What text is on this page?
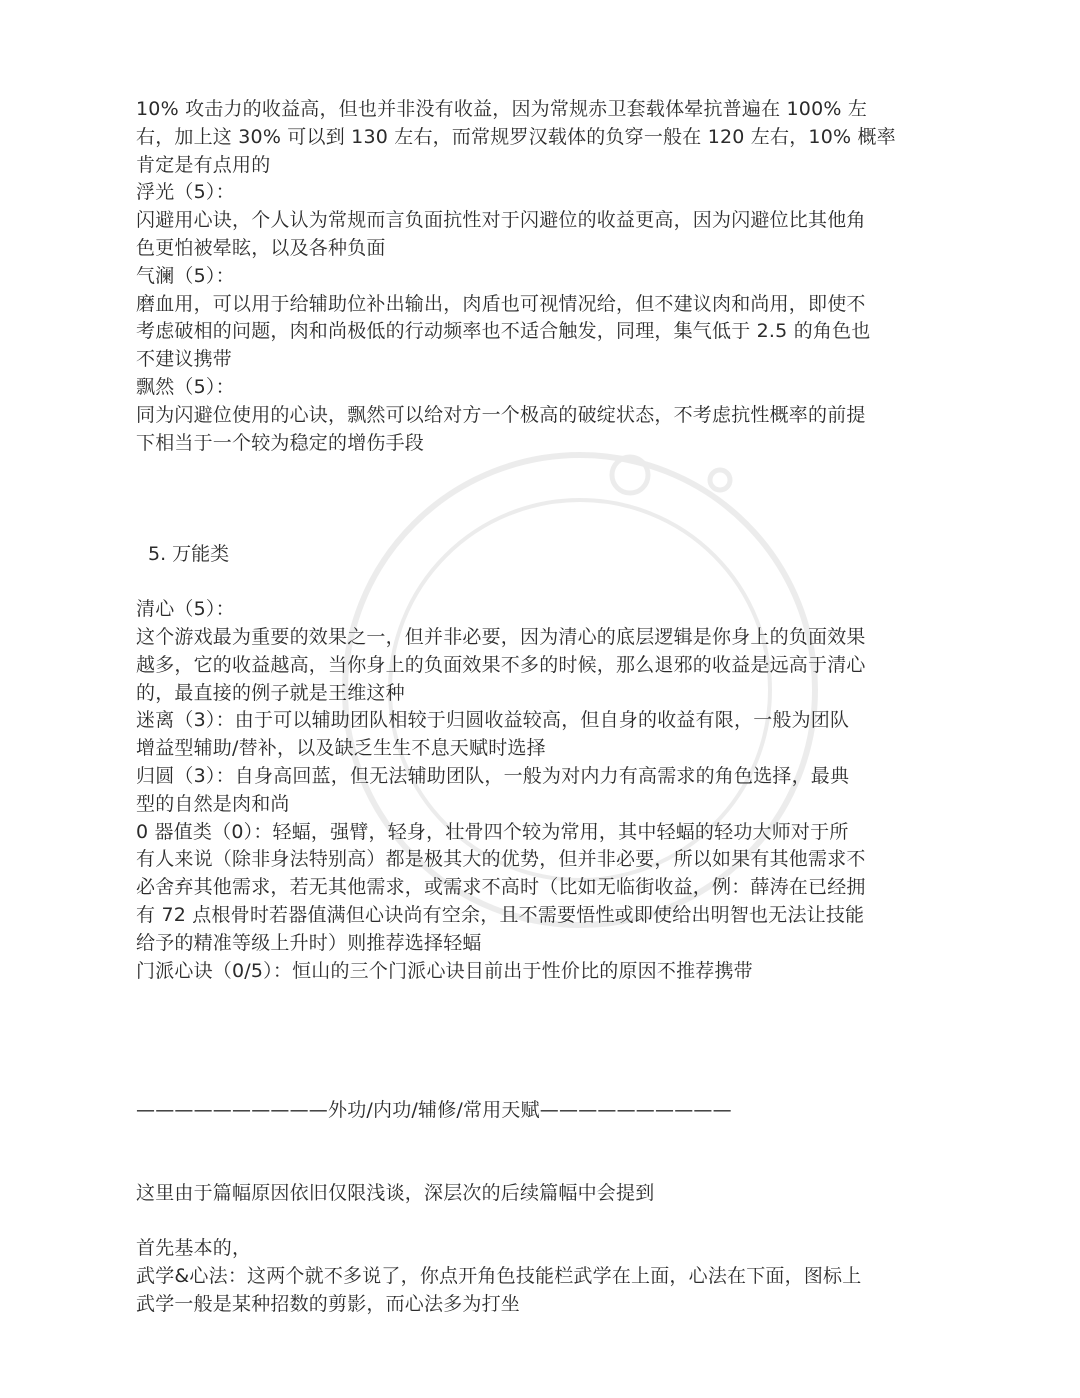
10% 攻击力的收益高，但也并非没有收益，因为常规赤卫套载体晕抗普遍在 100% 左

右，加上这 30% 可以到 130 左右，而常规罗汉载体的负穿一般在 120 左右，10% 概率

肯定是有点用的

浮光（5）：

闪避用心诀，个人认为常规而言负面抗性对于闪避位的收益更高，因为闪避位比其他角

色更怕被晕眩，以及各种负面

气澜（5）：

磨血用，可以用于给辅助位补出输出，肉盾也可视情况给，但不建议肉和尚用，即使不

考虑破相的问题，肉和尚极低的行动频率也不适合触发，同理，集气低于 2.5 的角色也

不建议携带

飘然（5）：

同为闪避位使用的心诀，飘然可以给对方一个极高的破绽状态，不考虑抗性概率的前提

下相当于一个较为稳定的增伤手段

5. 万能类

清心（5）：

这个游戏最为重要的效果之一，但并非必要，因为清心的底层逻辑是你身上的负面效果

越多，它的收益越高，当你身上的负面效果不多的时候，那么退邪的收益是远高于清心

的，最直接的例子就是王维这种

迷离（3）：由于可以辅助团队相较于归圆收益较高，但自身的收益有限，一般为团队

增益型辅助/替补，以及缺乏生生不息天赋时选择

归圆（3）：自身高回蓝，但无法辅助团队，一般为对内力有高需求的角色选择，最典

型的自然是肉和尚

0 器值类（0）：轻蝠，强臂，轻身，壮骨四个较为常用，其中轻蝠的轻功大师对于所

有人来说（除非身法特别高）都是极其大的优势，但并非必要，所以如果有其他需求不

必舍弃其他需求，若无其他需求，或需求不高时（比如无临街收益，例：薛涛在已经拥

有 72 点根骨时若器值满但心诀尚有空余，且不需要悟性或即使给出明智也无法让技能

给予的精准等级上升时）则推荐选择轻蝠

门派心诀（0/5）：恒山的三个门派心诀目前出于性价比的原因不推荐携带

——————————外功/内功/辅修/常用天赋——————————

这里由于篇幅原因依旧仅限浅谈，深层次的后续篇幅中会提到

首先基本的，

武学&心法：这两个就不多说了，你点开角色技能栏武学在上面，心法在下面，图标上

武学一般是某种招数的剪影，而心法多为打坐
